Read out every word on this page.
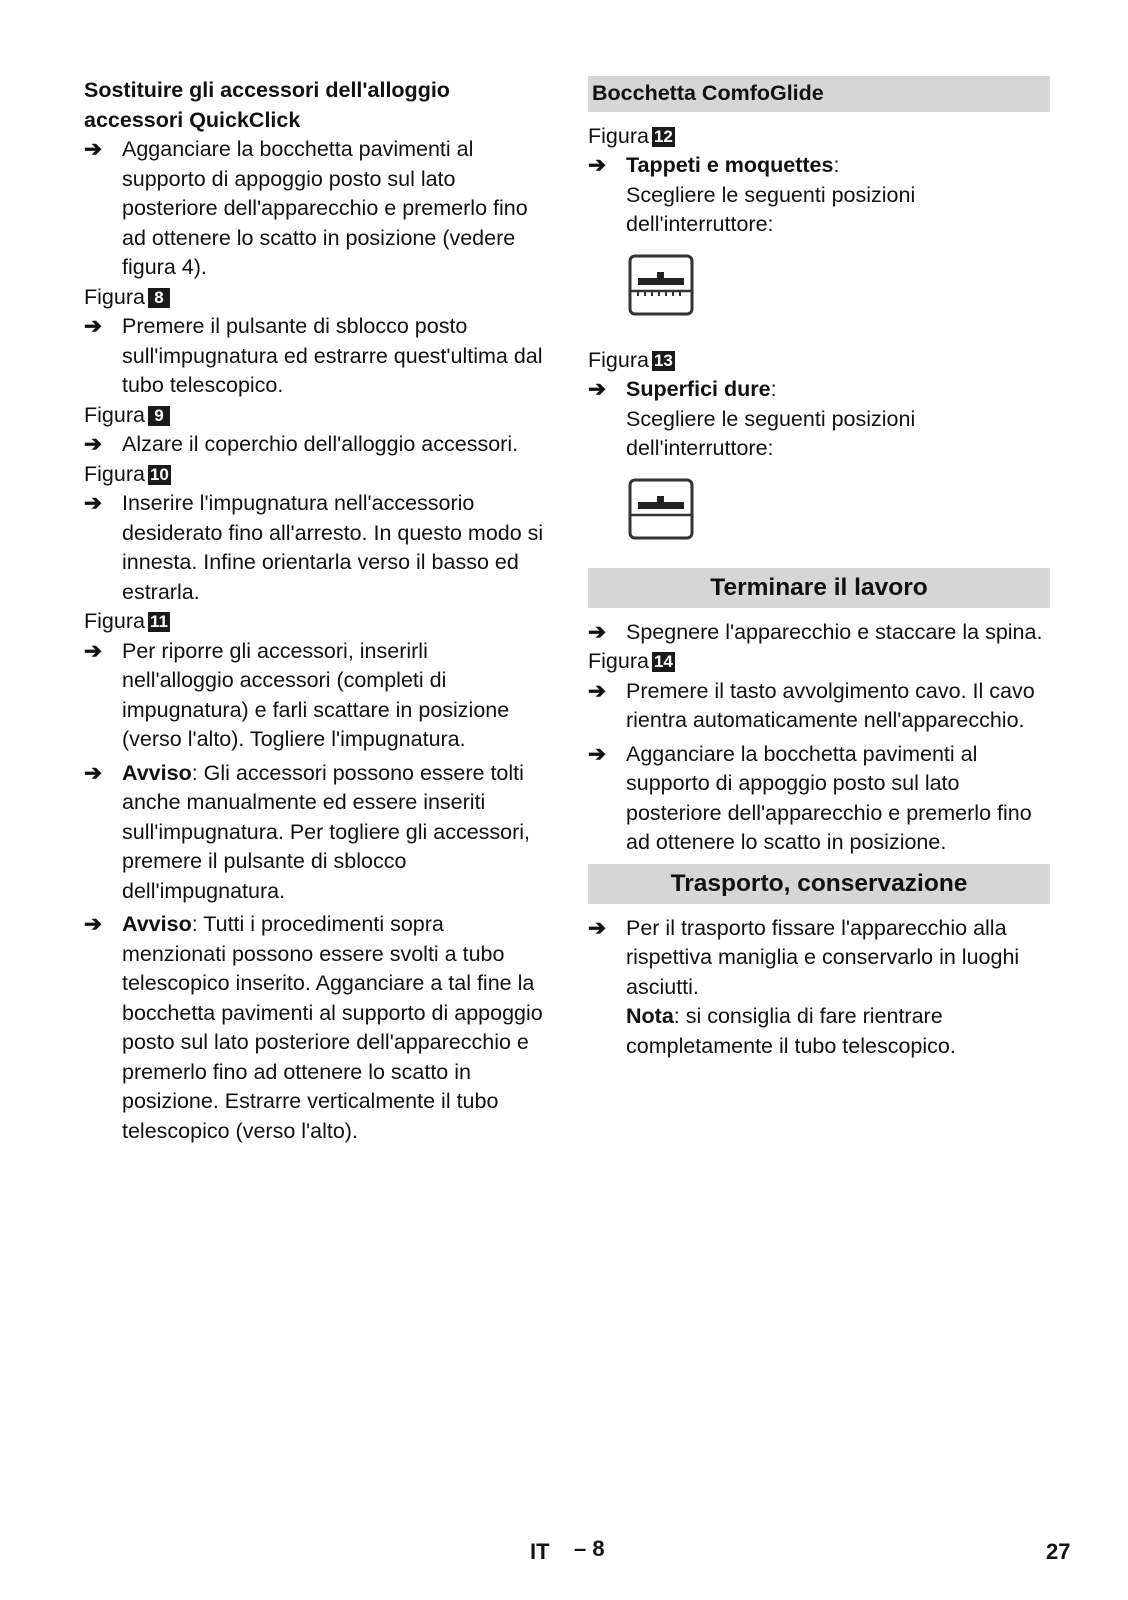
Sostituire gli accessori dell'alloggio accessori QuickClick

➔ Agganciare la bocchetta pavimenti al supporto di appoggio posto sul lato posteriore dell'apparecchio e premerlo fino ad ottenere lo scatto in posizione (vedere figura 4).

Figura 8

➔ Premere il pulsante di sblocco posto sull'impugnatura ed estrarre quest'ultima dal tubo telescopico.

Figura 9

➔ Alzare il coperchio dell'alloggio accessori.

Figura 10

➔ Inserire l'impugnatura nell'accessorio desiderato fino all'arresto. In questo modo si innesta. Infine orientarla verso il basso ed estrarla.

Figura 11

➔ Per riporre gli accessori, inserirli nell'alloggio accessori (completi di impugnatura) e farli scattare in posizione (verso l'alto). Togliere l'impugnatura.

➔ Avviso: Gli accessori possono essere tolti anche manualmente ed essere inseriti sull'impugnatura. Per togliere gli accessori, premere il pulsante di sblocco dell'impugnatura.

➔ Avviso: Tutti i procedimenti sopra menzionati possono essere svolti a tubo telescopico inserito. Agganciare a tal fine la bocchetta pavimenti al supporto di appoggio posto sul lato posteriore dell'apparecchio e premerlo fino ad ottenere lo scatto in posizione. Estrarre verticalmente il tubo telescopico (verso l'alto).

Bocchetta ComfoGlide

Figura 12

➔ Tappeti e moquettes:

Scegliere le seguenti posizioni dell'interruttore:

Figura 13

➔ Superfici dure:

Scegliere le seguenti posizioni dell'interruttore:

Terminare il lavoro
➔ Spegnere l'apparecchio e staccare la spina.

Figura 14

➔ Premere il tasto avvolgimento cavo. Il cavo rientra automaticamente nell'apparecchio.

➔ Agganciare la bocchetta pavimenti al supporto di appoggio posto sul lato posteriore dell'apparecchio e premerlo fino ad ottenere lo scatto in posizione.

Trasporto, conservazione
➔ Per il trasporto fissare l'apparecchio alla rispettiva maniglia e conservarlo in luoghi asciutti.

Nota: si consiglia di fare rientrare completamente il tubo telescopico.

IT – 8	27
